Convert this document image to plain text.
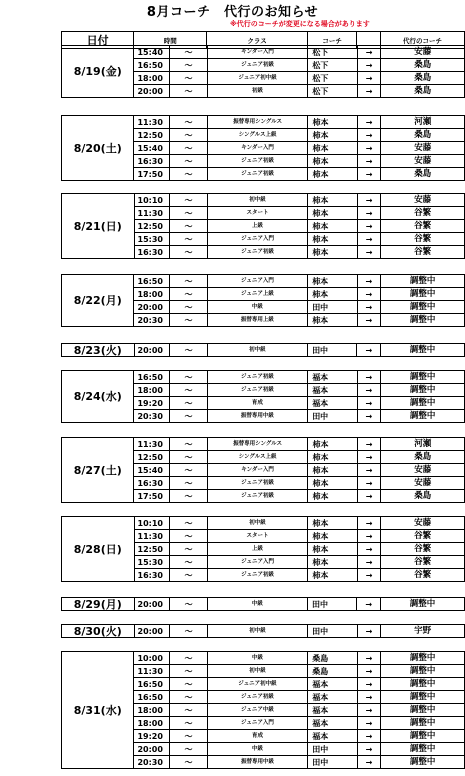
8月コーチ　代行のお知らせ
※代行のコーチが変更になる場合があります
日付	時間	クラス	コーチ		代行のコーチ
8/19(金)	15:40	〜	キンダー入門	松下	→	安藤
	16:50	〜	ジュニア初級	松下	→	桑島
	18:00	〜	ジュニア初中級	松下	→	桑島
	20:00	〜	初級	松下	→	桑島
8/20(土)	11:30	〜	振替専用シングルス	柿本	→	河瀬
	12:50	〜	シングルス上級	柿本	→	桑島
	15:40	〜	キンダー入門	柿本	→	安藤
	16:30	〜	ジュニア初級	柿本	→	安藤
	17:50	〜	ジュニア初級	柿本	→	桑島
8/21(日)	10:10	〜	初中級	柿本	→	安藤
	11:30	〜	スタート	柿本	→	谷繁
	12:50	〜	上級	柿本	→	谷繁
	15:30	〜	ジュニア入門	柿本	→	谷繁
	16:30	〜	ジュニア初級	柿本	→	谷繁
8/22(月)	16:50	〜	ジュニア入門	柿本	→	調整中
	18:00	〜	ジュニア上級	柿本	→	調整中
	20:00	〜	中級	田中	→	調整中
	20:30	〜	振替専用上級	柿本	→	調整中
8/23(火)	20:00	〜	初中級	田中	→	調整中
8/24(水)	16:50	〜	ジュニア初級	福本	→	調整中
	18:00	〜	ジュニア初級	福本	→	調整中
	19:20	〜	育成	福本	→	調整中
	20:30	〜	振替専用中級	田中	→	調整中
8/27(土)	11:30	〜	振替専用シングルス	柿本	→	河瀬
	12:50	〜	シングルス上級	柿本	→	桑島
	15:40	〜	キンダー入門	柿本	→	安藤
	16:30	〜	ジュニア初級	柿本	→	安藤
	17:50	〜	ジュニア初級	柿本	→	桑島
8/28(日)	10:10	〜	初中級	柿本	→	安藤
	11:30	〜	スタート	柿本	→	谷繁
	12:50	〜	上級	柿本	→	谷繁
	15:30	〜	ジュニア入門	柿本	→	谷繁
	16:30	〜	ジュニア初級	柿本	→	谷繁
8/29(月)	20:00	〜	中級	田中	→	調整中
8/30(火)	20:00	〜	初中級	田中	→	宇野
8/31(水)	10:00	〜	中級	桑島	→	調整中
	11:30	〜	初中級	桑島	→	調整中
	16:50	〜	ジュニア初中級	福本	→	調整中
	16:50	〜	ジュニア初級	福本	→	調整中
	18:00	〜	ジュニア中級	福本	→	調整中
	18:00	〜	ジュニア入門	福本	→	調整中
	19:20	〜	育成	福本	→	調整中
	20:00	〜	中級	田中	→	調整中
	20:30	〜	振替専用中級	田中	→	調整中
